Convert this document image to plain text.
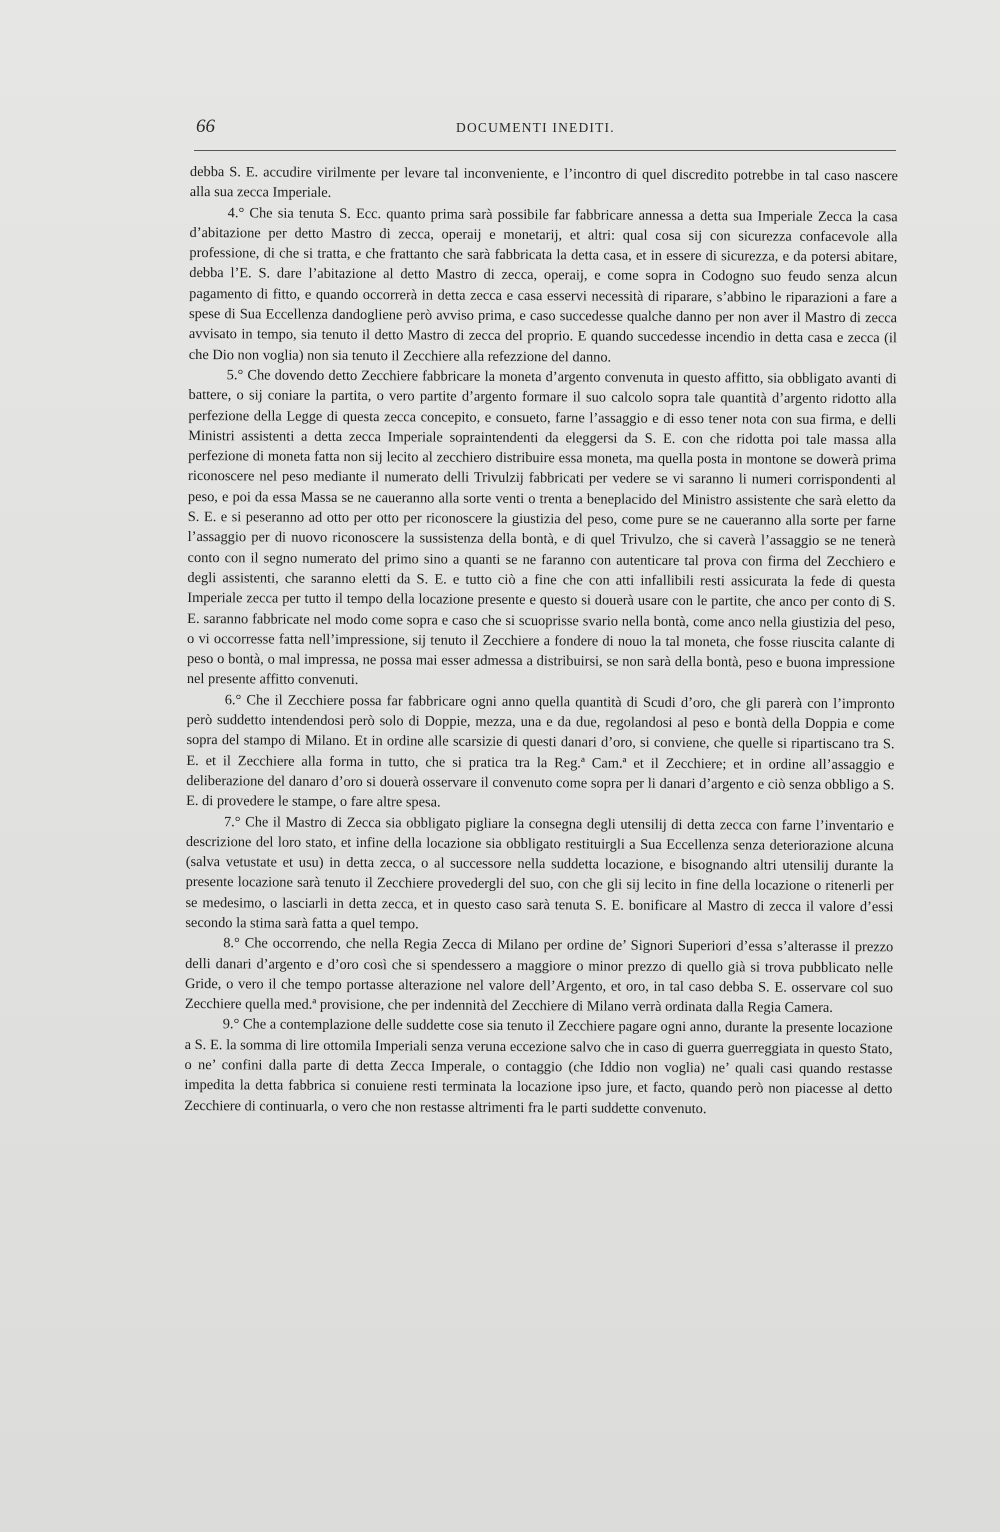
66	DOCUMENTI INEDITI.

debba S. E. accudire virilmente per levare tal inconveniente, e l’incontro di quel discredito potrebbe in tal caso nascere alla sua zecca Imperiale.

4.° Che sia tenuta S. Ecc. quanto prima sarà possibile far fabbricare annessa a detta sua Imperiale Zecca la casa d’abitazione per detto Mastro di zecca, operaij e monetarij, et altri: qual cosa sij con sicurezza confacevole alla professione, di che si tratta, e che frattanto che sarà fabbricata la detta casa, et in essere di sicurezza, e da potersi abitare, debba l’E. S. dare l’abitazione al detto Mastro di zecca, operaij, e come sopra in Codogno suo feudo senza alcun pagamento di fitto, e quando occorrerà in detta zecca e casa esservi necessità di riparare, s’abbino le riparazioni a fare a spese di Sua Eccellenza dandogliene però avviso prima, e caso succedesse qualche danno per non aver il Mastro di zecca avvisato in tempo, sia tenuto il detto Mastro di zecca del proprio. E quando succedesse incendio in detta casa e zecca (il che Dio non voglia) non sia tenuto il Zecchiere alla refezzione del danno.

5.° Che dovendo detto Zecchiere fabbricare la moneta d’argento convenuta in questo affitto, sia obbligato avanti di battere, o sij coniare la partita, o vero partite d’argento formare il suo calcolo sopra tale quantità d’argento ridotto alla perfezione della Legge di questa zecca concepito, e consueto, farne l’assaggio e di esso tener nota con sua firma, e delli Ministri assistenti a detta zecca Imperiale sopraintendenti da eleggersi da S. E. con che ridotta poi tale massa alla perfezione di moneta fatta non sij lecito al zecchiero distribuire essa moneta, ma quella posta in montone se dowerà prima riconoscere nel peso mediante il numerato delli Trivulzij fabbricati per vedere se vi saranno li numeri corrispondenti al peso, e poi da essa Massa se ne caueranno alla sorte venti o trenta a beneplacido del Ministro assistente che sarà eletto da S. E. e si peseranno ad otto per otto per riconoscere la giustizia del peso, come pure se ne caueranno alla sorte per farne l’assaggio per di nuovo riconoscere la sussistenza della bontà, e di quel Trivulzo, che si caverà l’assaggio se ne tenerà conto con il segno numerato del primo sino a quanti se ne faranno con autenticare tal prova con firma del Zecchiero e degli assistenti, che saranno eletti da S. E. e tutto ciò a fine che con atti infallibili resti assicurata la fede di questa Imperiale zecca per tutto il tempo della locazione presente e questo si douerà usare con le partite, che anco per conto di S. E. saranno fabbricate nel modo come sopra e caso che si scuoprisse svario nella bontà, come anco nella giustizia del peso, o vi occorresse fatta nell’impressione, sij tenuto il Zecchiere a fondere di nouo la tal moneta, che fosse riuscita calante di peso o bontà, o mal impressa, ne possa mai esser admessa a distribuirsi, se non sarà della bontà, peso e buona impressione nel presente affitto convenuti.

6.° Che il Zecchiere possa far fabbricare ogni anno quella quantità di Scudi d’oro, che gli parerà con l’impronto però suddetto intendendosi però solo di Doppie, mezza, una e da due, regolandosi al peso e bontà della Doppia e come sopra del stampo di Milano. Et in ordine alle scarsizie di questi danari d’oro, si conviene, che quelle si ripartiscano tra S. E. et il Zecchiere alla forma in tutto, che si pratica tra la Reg.ª Cam.ª et il Zecchiere; et in ordine all’assaggio e deliberazione del danaro d’oro si douerà osservare il convenuto come sopra per li danari d’argento e ciò senza obbligo a S. E. di provedere le stampe, o fare altre spesa.

7.° Che il Mastro di Zecca sia obbligato pigliare la consegna degli utensilij di detta zecca con farne l’inventario e descrizione del loro stato, et infine della locazione sia obbligato restituirgli a Sua Eccellenza senza deteriorazione alcuna (salva vetustate et usu) in detta zecca, o al successore nella suddetta locazione, e bisognando altri utensilij durante la presente locazione sarà tenuto il Zecchiere provedergli del suo, con che gli sij lecito in fine della locazione o ritenerli per se medesimo, o lasciarli in detta zecca, et in questo caso sarà tenuta S. E. bonificare al Mastro di zecca il valore d’essi secondo la stima sarà fatta a quel tempo.

8.° Che occorrendo, che nella Regia Zecca di Milano per ordine de’ Signori Superiori d’essa s’alterasse il prezzo delli danari d’argento e d’oro così che si spendessero a maggiore o minor prezzo di quello già si trova pubblicato nelle Gride, o vero il che tempo portasse alterazione nel valore dell’Argento, et oro, in tal caso debba S. E. osservare col suo Zecchiere quella med.ª provisione, che per indennità del Zecchiere di Milano verrà ordinata dalla Regia Camera.

9.° Che a contemplazione delle suddette cose sia tenuto il Zecchiere pagare ogni anno, durante la presente locazione a S. E. la somma di lire ottomila Imperiali senza veruna eccezione salvo che in caso di guerra guerreggiata in questo Stato, o ne’ confini dalla parte di detta Zecca Imperale, o contaggio (che Iddio non voglia) ne’ quali casi quando restasse impedita la detta fabbrica si conuiene resti terminata la locazione ipso jure, et facto, quando però non piacesse al detto Zecchiere di continuarla, o vero che non restasse altrimenti fra le parti suddette convenuto.
